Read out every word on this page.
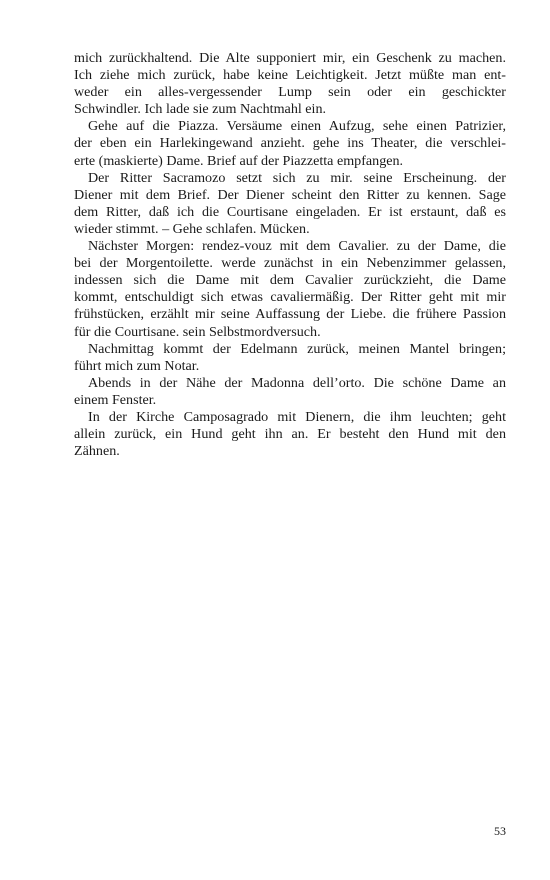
mich zurückhaltend. Die Alte supponiert mir, ein Geschenk zu machen.
Ich ziehe mich zurück, habe keine Leichtigkeit. Jetzt müßte man ent-
weder ein alles-vergessender Lump sein oder ein geschickter
Schwindler. Ich lade sie zum Nachtmahl ein.
Gehe auf die Piazza. Versäume einen Aufzug, sehe einen Patrizier,
der eben ein Harlekingewand anzieht. gehe ins Theater, die verschlei-
erte (maskierte) Dame. Brief auf der Piazzetta empfangen.
Der Ritter Sacramozo setzt sich zu mir. seine Erscheinung. der
Diener mit dem Brief. Der Diener scheint den Ritter zu kennen. Sage
dem Ritter, daß ich die Courtisane eingeladen. Er ist erstaunt, daß es
wieder stimmt. – Gehe schlafen. Mücken.
Nächster Morgen: rendez-vouz mit dem Cavalier. zu der Dame, die
bei der Morgentoilette. werde zunächst in ein Nebenzimmer gelassen,
indessen sich die Dame mit dem Cavalier zurückzieht, die Dame
kommt, entschuldigt sich etwas cavaliermäßig. Der Ritter geht mit mir
frühstücken, erzählt mir seine Auffassung der Liebe. die frühere Passion
für die Courtisane. sein Selbstmordversuch.
Nachmittag kommt der Edelmann zurück, meinen Mantel bringen;
führt mich zum Notar.
Abends in der Nähe der Madonna dell’orto. Die schöne Dame an
einem Fenster.
In der Kirche Camposagrado mit Dienern, die ihm leuchten; geht
allein zurück, ein Hund geht ihn an. Er besteht den Hund mit den
Zähnen.
53
